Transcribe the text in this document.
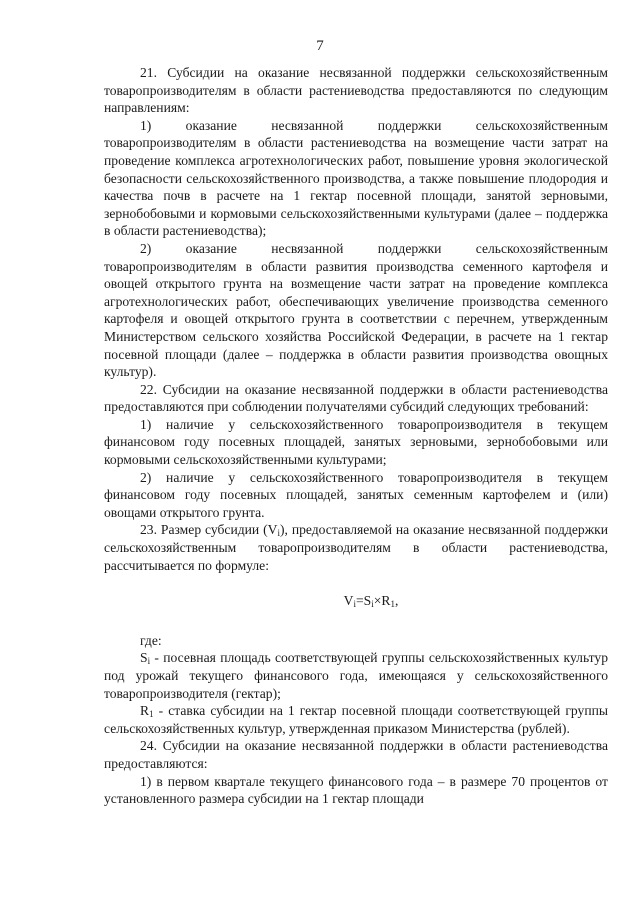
7

21. Субсидии на оказание несвязанной поддержки сельскохозяйственным товаропроизводителям в области растениеводства предоставляются по следующим направлениям:

1) оказание несвязанной поддержки сельскохозяйственным товаропроизводителям в области растениеводства на возмещение части затрат на проведение комплекса агротехнологических работ, повышение уровня экологической безопасности сельскохозяйственного производства, а также повышение плодородия и качества почв в расчете на 1 гектар посевной площади, занятой зерновыми, зернобобовыми и кормовыми сельскохозяйственными культурами (далее – поддержка в области растениеводства);

2) оказание несвязанной поддержки сельскохозяйственным товаропроизводителям в области развития производства семенного картофеля и овощей открытого грунта на возмещение части затрат на проведение комплекса агротехнологических работ, обеспечивающих увеличение производства семенного картофеля и овощей открытого грунта в соответствии с перечнем, утвержденным Министерством сельского хозяйства Российской Федерации, в расчете на 1 гектар посевной площади (далее – поддержка в области развития производства овощных культур).

22. Субсидии на оказание несвязанной поддержки в области растениеводства предоставляются при соблюдении получателями субсидий следующих требований:

1) наличие у сельскохозяйственного товаропроизводителя в текущем финансовом году посевных площадей, занятых зерновыми, зернобобовыми или кормовыми сельскохозяйственными культурами;

2) наличие у сельскохозяйственного товаропроизводителя в текущем финансовом году посевных площадей, занятых семенным картофелем и (или) овощами открытого грунта.

23. Размер субсидии $(V_i)$, предоставляемой на оказание несвязанной поддержки сельскохозяйственным товаропроизводителям в области растениеводства, рассчитывается по формуле:

$V_i=S_i\times R_1$,

где:

$S_i$ - посевная площадь соответствующей группы сельскохозяйственных культур под урожай текущего финансового года, имеющаяся у сельскохозяйственного товаропроизводителя (гектар);

$R_1$ - ставка субсидии на 1 гектар посевной площади соответствующей группы сельскохозяйственных культур, утвержденная приказом Министерства (рублей).

24. Субсидии на оказание несвязанной поддержки в области растениеводства предоставляются:

1) в первом квартале текущего финансового года – в размере 70 процентов от установленного размера субсидии на 1 гектар площади
